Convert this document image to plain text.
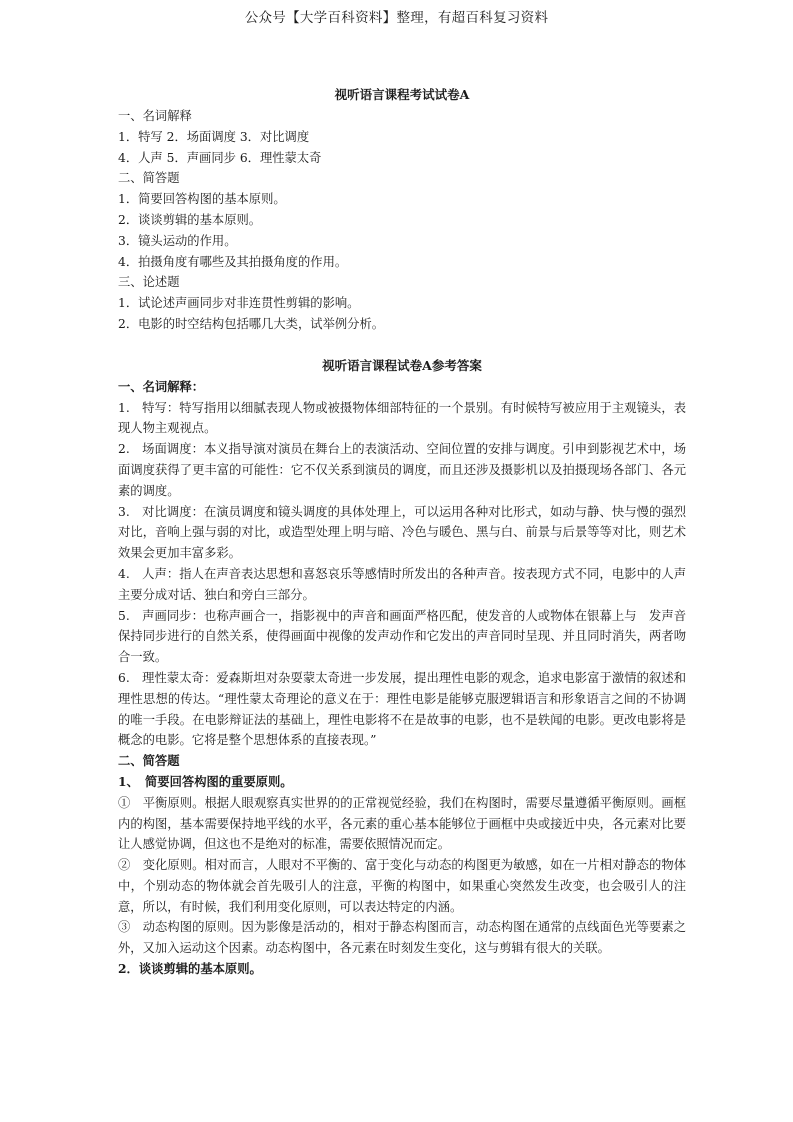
公众号【大学百科资料】整理，有超百科复习资料

视听语言课程考试试卷A

一、名词解释
1．特写 2．场面调度 3．对比调度
4．人声 5．声画同步 6．理性蒙太奇
二、简答题
1．简要回答构图的基本原则。
2．谈谈剪辑的基本原则。
3．镜头运动的作用。
4．拍摄角度有哪些及其拍摄角度的作用。
三、论述题
1．试论述声画同步对非连贯性剪辑的影响。
2．电影的时空结构包括哪几大类，试举例分析。

视听语言课程试卷A参考答案

一、名词解释：

1.　特写：特写指用以细腻表现人物或被摄物体细部特征的一个景别。有时候特写被应用于主观镜头，表现人物主观视点。

2.　场面调度：本义指导演对演员在舞台上的表演活动、空间位置的安排与调度。引申到影视艺术中，场面调度获得了更丰富的可能性：它不仅关系到演员的调度，而且还涉及摄影机以及拍摄现场各部门、各元素的调度。

3.　对比调度：在演员调度和镜头调度的具体处理上，可以运用各种对比形式，如动与静、快与慢的强烈对比，音响上强与弱的对比，或造型处理上明与暗、冷色与暖色、黑与白、前景与后景等等对比，则艺术效果会更加丰富多彩。

4.　人声：指人在声音表达思想和喜怒哀乐等感情时所发出的各种声音。按表现方式不同，电影中的人声主要分成对话、独白和旁白三部分。

5.　声画同步：也称声画合一，指影视中的声音和画面严格匹配，使发音的人或物体在银幕上与　发声音保持同步进行的自然关系，使得画面中视像的发声动作和它发出的声音同时呈现、并且同时消失，两者吻合一致。

6.　理性蒙太奇：爱森斯坦对杂耍蒙太奇进一步发展，提出理性电影的观念，追求电影富于激情的叙述和理性思想的传达。“理性蒙太奇理论的意义在于：理性电影是能够克服逻辑语言和形象语言之间的不协调的唯一手段。在电影辩证法的基础上，理性电影将不在是故事的电影，也不是轶闻的电影。更改电影将是概念的电影。它将是整个思想体系的直接表现。”

二、简答题

1、　简要回答构图的重要原则。

①　平衡原则。根据人眼观察真实世界的的正常视觉经验，我们在构图时，需要尽量遵循平衡原则。画框内的构图，基本需要保持地平线的水平，各元素的重心基本能够位于画框中央或接近中央，各元素对比要让人感觉协调，但这也不是绝对的标准，需要依照情况而定。

②　变化原则。相对而言，人眼对不平衡的、富于变化与动态的构图更为敏感，如在一片相对静态的物体中，个别动态的物体就会首先吸引人的注意，平衡的构图中，如果重心突然发生改变，也会吸引人的注意，所以，有时候，我们利用变化原则，可以表达特定的内涵。

③　动态构图的原则。因为影像是活动的，相对于静态构图而言，动态构图在通常的点线面色光等要素之外，又加入运动这个因素。动态构图中，各元素在时刻发生变化，这与剪辑有很大的关联。

2．谈谈剪辑的基本原则。
